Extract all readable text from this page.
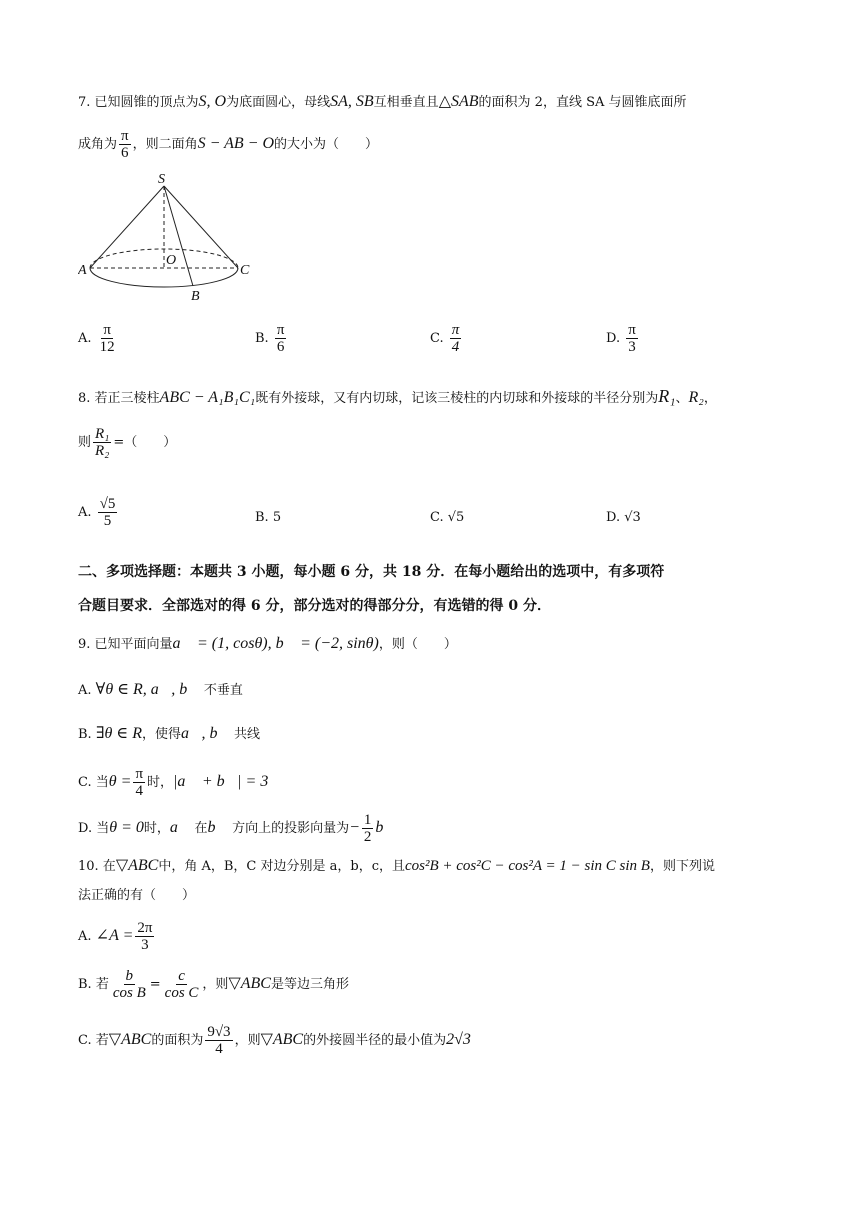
7. 已知圆锥的顶点为S, O为底面圆心，母线SA, SB互相垂直且△SAB的面积为 2，直线 SA 与圆锥底面所
成角为 $\frac{\pi}{6}$ ，则二面角S − AB − O的大小为（　　）
S
O
A
B
C
A. $\frac{\pi}{12}$	B. $\frac{\pi}{6}$	C. $\frac{\pi}{4}$	D. $\frac{\pi}{3}$
8. 若正三棱柱ABC − A₁B₁C₁既有外接球，又有内切球，记该三棱柱的内切球和外接球的半径分别为R₁、R₂，
则 $\frac{\text{R₁}}{\text{R₂}}$ =（　　）
A. $\frac{√5}{5}$	B. 5	C. √5	D. √3
二、多项选择题：本题共 3 小题，每小题 6 分，共 18 分．在每小题给出的选项中，有多项符
合题目要求．全部选对的得 6 分，部分选对的得部分分，有选错的得 0 分．
9. 已知平面向量a⃗ = (1, cosθ), b⃗ = (−2, sinθ)，则（　　）
A. ∀θ ∈ R, a⃗, b⃗ 不垂直
B. ∃θ ∈ R，使得a⃗, b⃗ 共线
C. 当$\theta = \frac{\pi}{4}$ 时，|a⃗ + b⃗| = 3
D. 当θ = 0时，a⃗ 在b⃗ 方向上的投影向量为− $\frac{1}{2}$ b⃗
10. 在▽ABC中，角 A，B，C 对边分别是 a，b，c，且cos²B + cos²C − cos²A = 1 − sin C sin B，则下列说
法正确的有（　　）
A. ∠A = $\frac{2\pi}{3}$
B. 若 $\frac{b}{\text{cos B}} = \frac{c}{\text{cos C}}$ ，则▽ABC是等边三角形
C. 若▽ABC的面积为 $\frac{9√3}{4}$ ，则▽ABC的外接圆半径的最小值为2√3
